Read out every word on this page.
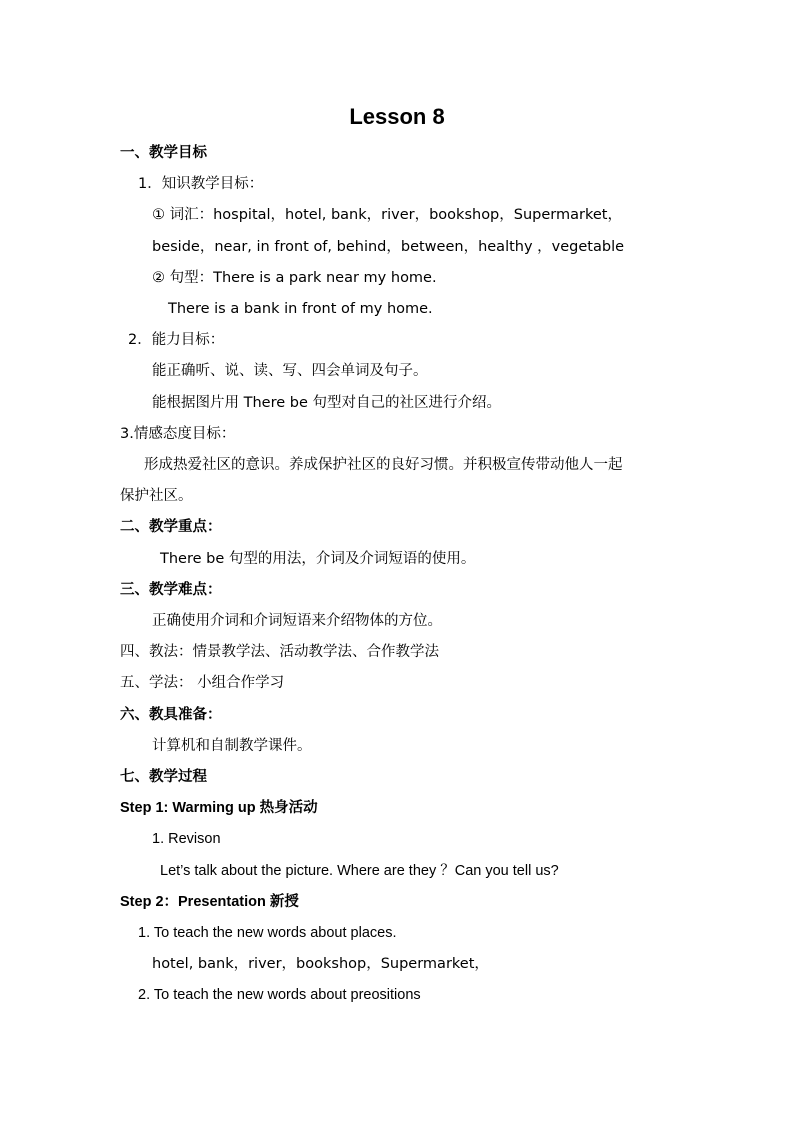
Lesson 8
一、教学目标
1．知识教学目标：
① 词汇：hospital，hotel, bank，river，bookshop，Supermarket，
beside，near, in front of, behind，between，healthy ，vegetable
② 句型：There is a park near my home.
There is a bank in front of my home.
2．能力目标：
能正确听、说、读、写、四会单词及句子。
能根据图片用 There be 句型对自己的社区进行介绍。
3.情感态度目标：
形成热爱社区的意识。养成保护社区的良好习惯。并积极宣传带动他人一起
保护社区。
二、教学重点：
There be 句型的用法，介词及介词短语的使用。
三、教学难点：
正确使用介词和介词短语来介绍物体的方位。
四、教法：情景教学法、活动教学法、合作教学法
五、学法： 小组合作学习
六、教具准备：
计算机和自制教学课件。
七、教学过程
Step 1: Warming up 热身活动
1. Revison
Let’s talk about the picture. Where are they ？Can you tell us?
Step 2：Presentation 新授
1. To teach the new words about places.
hotel, bank，river，bookshop，Supermarket，
2. To teach the new words about preositions
